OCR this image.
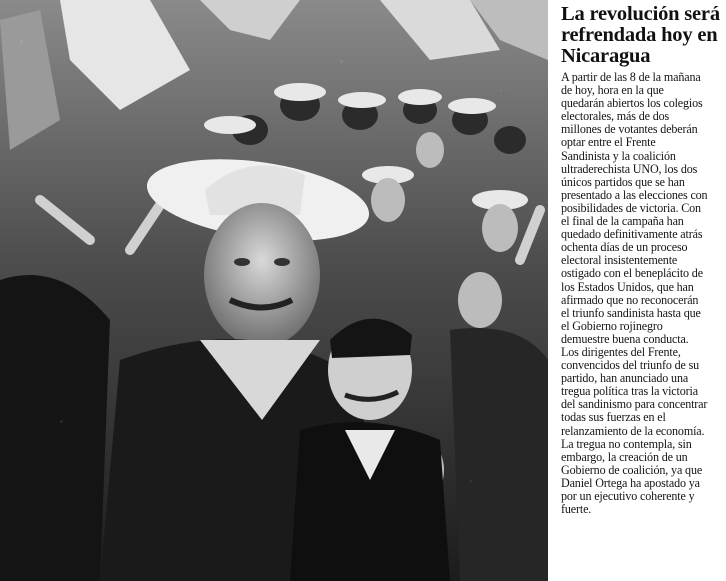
La revolución será refrendada hoy en Nicaragua

A partir de las 8 de la mañana
de hoy, hora en la que
quedarán abiertos los colegios
electorales, más de dos
millones de votantes deberán
optar entre el Frente
Sandinista y la coalición
ultraderechista UNO, los dos
únicos partidos que se han
presentado a las elecciones con
posibilidades de victoria. Con
el final de la campaña han
quedado definitivamente atrás
ochenta días de un proceso
electoral insistentemente
ostigado con el beneplácito de
los Estados Unidos, que han
afirmado que no reconocerán
el triunfo sandinista hasta que
el Gobierno rojinegro
demuestre buena conducta.
Los dirigentes del Frente,
convencidos del triunfo de su
partido, han anunciado una
tregua política tras la victoria
del sandinismo para concentrar
todas sus fuerzas en el
relanzamiento de la economía.
La tregua no contempla, sin
embargo, la creación de un
Gobierno de coalición, ya que
Daniel Ortega ha apostado ya
por un ejecutivo coherente y
fuerte.
